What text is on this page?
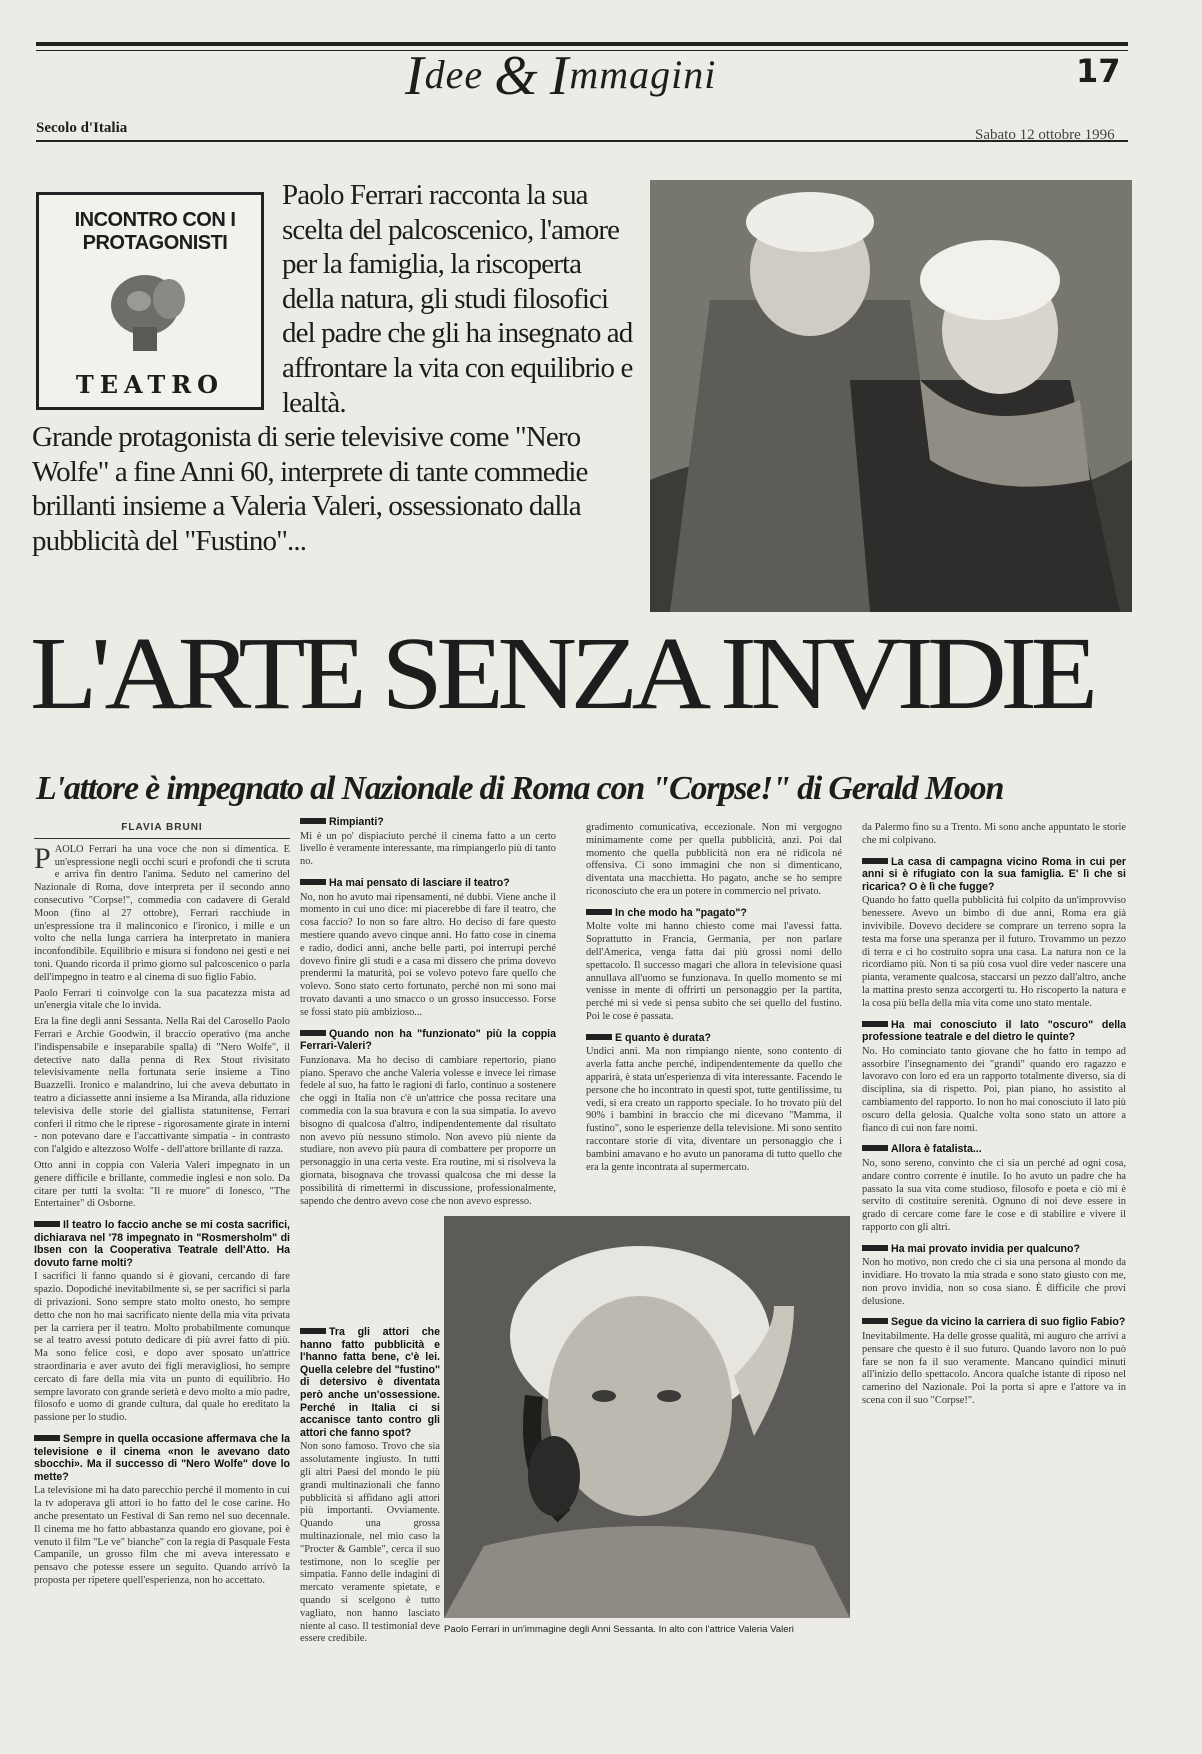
Idee & Immagini	17
Secolo d'Italia	Sabato 12 ottobre 1996
INCONTRO CON I PROTAGONISTI
TEATRO
Paolo Ferrari racconta la sua scelta del palcoscenico, l'amore per la famiglia, la riscoperta della natura, gli studi filosofici del padre che gli ha insegnato ad affrontare la vita con equilibrio e lealtà.
Grande protagonista di serie televisive come "Nero Wolfe" a fine Anni 60, interprete di tante commedie brillanti insieme a Valeria Valeri, ossessionato dalla pubblicità del "Fustino"...
L'ARTE SENZA INVIDIE
L'attore è impegnato al Nazionale di Roma con "Corpse!" di Gerald Moon
FLAVIA BRUNI

PAOLO Ferrari ha una voce che non si dimentica. E un'espressione negli occhi scuri e profondi che ti scruta e arriva fin dentro l'anima. Seduto nel camerino del Nazionale di Roma, dove interpreta per il secondo anno consecutivo "Corpse!", commedia con cadavere di Gerald Moon (fino al 27 ottobre), Ferrari racchiude in un'espressione tra il malinconico e l'ironico, i mille e un volto che nella lunga carriera ha interpretato in maniera inconfondibile. Equilibrio e misura si fondono nei gesti e nei toni. Quando ricorda il primo giorno sul palcoscenico o parla dell'impegno in teatro e al cinema di suo figlio Fabio.

Paolo Ferrari ti coinvolge con la sua pacatezza mista ad un'energia vitale che lo invida.

Era la fine degli anni Sessanta. Nella Rai del Carosello Paolo Ferrari e Archie Goodwin, il braccio operativo (ma anche l'indispensabile e inseparabile spalla) di "Nero Wolfe", il detective nato dalla penna di Rex Stout rivisitato televisivamente nella fortunata serie insieme a Tino Buazzelli. Ironico e malandrino, lui che aveva debuttato in teatro a diciassette anni insieme a Isa Miranda, alla riduzione televisiva delle storie del giallista statunitense, Ferrari conferì il ritmo che le riprese - rigorosamente girate in interni - non potevano dare e l'accattivante simpatia - in contrasto con l'algido e altezzoso Wolfe - dell'attore brillante di razza.

Otto anni in coppia con Valeria Valeri impegnato in un genere difficile e brillante, commedie inglesi e non solo. Da citare per tutti la svolta: "Il re muore" di Ionesco, "The Entertainer" di Osborne.

Il teatro lo faccio anche se mi costa sacrifici, dichiarava nel '78 impegnato in "Rosmersholm" di Ibsen con la Cooperativa Teatrale dell'Atto. Ha dovuto farne molti?

I sacrifici li fanno quando si è giovani, cercando di fare spazio. Dopodiché inevitabilmente sì, se per sacrifici si parla di privazioni. Sono sempre stato molto onesto, ho sempre detto che non ho mai sacrificato niente della mia vita privata per la carriera per il teatro. Molto probabilmente comunque se al teatro avessi potuto dedicare di più avrei fatto di più. Ma sono felice così, e dopo aver sposato un'attrice straordinaria e aver avuto dei figli meravigliosi, ho sempre cercato di fare della mia vita un punto di equilibrio. Ho sempre lavorato con grande serietà e devo molto a mio padre, filosofo e uomo di grande cultura, dal quale ho ereditato la passione per lo studio.

Sempre in quella occasione affermava che la televisione e il cinema «non le avevano dato sbocchi». Ma il successo di "Nero Wolfe" dove lo mette?

La televisione mi ha dato parecchio perché il momento in cui la tv adoperava gli attori io ho fatto del le cose carine. Ho anche presentato un Festival di San remo nel suo decennale. Il cinema me ho fatto abbastanza quando ero giovane, poi è venuto il film "Le ve" bianche" con la regia di Pasquale Festa Campanile, un grosso film che mi aveva interessato e pensavo che potesse essere un seguito. Quando arrivò la proposta per ripetere quell'esperienza, non ho accettato.

Rimpianti?

Mi è un po' dispiaciuto perché il cinema fatto a un certo livello è veramente interessante, ma rimpiangerlo più di tanto no.

Ha mai pensato di lasciare il teatro?

No, non ho avuto mai ripensamenti, né dubbi. Viene anche il momento in cui uno dice: mi piacerebbe di fare il teatro, che cosa faccio? Io non so fare altro. Ho deciso di fare questo mestiere quando avevo cinque anni. Ho fatto cose in cinema e radio, dodici anni, anche belle parti, poi interrupi perché dovevo finire gli studi e a casa mi dissero che prima dovevo prendermi la maturità, poi se volevo potevo fare quello che volevo. Sono stato certo fortunato, perché non mi sono mai trovato davanti a uno smacco o un grosso insuccesso. Forse se fossi stato più ambizioso...

Quando non ha "funzionato" più la coppia Ferrari-Valeri?

Funzionava. Ma ho deciso di cambiare repertorio, piano piano. Speravo che anche Valeria volesse e invece lei rimase fedele al suo, ha fatto le ragioni di farlo, continuo a sostenere che oggi in Italia non c'è un'attrice che possa recitare una commedia con la sua bravura e con la sua simpatia. Io avevo bisogno di qualcosa d'altro, indipendentemente dal risultato non avevo più nessuno stimolo. Non avevo più niente da studiare, non avevo più paura di combattere per proporre un personaggio in una certa veste. Era routine, mi si risolveva la giornata, bisognava che trovassi qualcosa che mi desse la possibilità di rimettermi in discussione, professionalmente, sapendo che dentro avevo cose che non avevo espresso.

Tra gli attori che hanno fatto pubblicità e l'hanno fatta bene, c'è lei. Quella celebre del "fustino" di detersivo è diventata però anche un'ossessione. Perché in Italia ci si accanisce tanto contro gli attori che fanno spot?

Non sono famoso. Trovo che sia assolutamente ingiusto. In tutti gli altri Paesi del mondo le più grandi multinazionali che fanno pubblicità si affidano agli attori più importanti. Ovviamente. Quando una grossa multinazionale, nel mio caso la "Procter & Gamble", cerca il suo testimone, non lo sceglie per simpatia. Fanno delle indagini di mercato veramente spietate, e quando si scelgono è tutto vagliato, non hanno lasciato niente al caso. Il testimonial deve essere credibile.

gradimento comunicativa, eccezionale. Non mi vergogno minimamente come per quella pubblicità, anzi. Poi dal momento che quella pubblicità non era né ridicola né offensiva. Ci sono immagini che non si dimenticano, diventata una macchietta. Ho pagato, anche se ho sempre riconosciuto che era un potere in commercio nel privato.

In che modo ha "pagato"?

Molte volte mi hanno chiesto come mai l'avessi fatta. Soprattutto in Francia, Germania, per non parlare dell'America, venga fatta dai più grossi nomi dello spettacolo. Il successo magari che allora in televisione quasi annullava all'uomo se funzionava. In quello momento se mi venisse in mente di offrirti un personaggio per la partita, perché mi si vede si pensa subito che sei quello del fustino. Poi le cose è passata.

E quanto è durata?

Undici anni. Ma non rimpiango niente, sono contento di averla fatta anche perché, indipendentemente da quello che apparirà, è stata un'esperienza di vita interessante. Facendo le persone che ho incontrato in questi spot, tutte gentilissime, tu vedi, si era creato un rapporto speciale. Io ho trovato più del 90% i bambini in braccio che mi dicevano "Mamma, il fustino", sono le esperienze della televisione. Mi sono sentito raccontare storie di vita, diventare un personaggio che i bambini amavano e ho avuto un panorama di tutto quello che era la gente incontrata al supermercato.

Paolo Ferrari in un'immagine degli Anni Sessanta. In alto con l'attrice Valeria Valeri

da Palermo fino su a Trento. Mi sono anche appuntato le storie che mi colpivano.

La casa di campagna vicino Roma in cui per anni si è rifugiato con la sua famiglia. E' lì che si ricarica? O è lì che fugge?

Quando ho fatto quella pubblicità fui colpito da un'improvviso benessere. Avevo un bimbo di due anni, Roma era già invivibile. Dovevo decidere se comprare un terreno sopra la testa ma forse una speranza per il futuro. Trovammo un pezzo di terra e ci ho costruito sopra una casa. La natura non ce la ricordiamo più. Non ti sa più cosa vuol dire veder nascere una pianta, veramente qualcosa, staccarsi un pezzo dall'altro, anche la mattina presto senza accorgerti tu. Ho riscoperto la natura e la cosa più bella della mia vita come uno stato mentale.

Ha mai conosciuto il lato "oscuro" della professione teatrale e del dietro le quinte?

No. Ho cominciato tanto giovane che ho fatto in tempo ad assorbire l'insegnamento dei "grandi" quando ero ragazzo e lavoravo con loro ed era un rapporto totalmente diverso, sia di disciplina, sia di rispetto. Poi, pian piano, ho assistito al cambiamento del rapporto. Io non ho mai conosciuto il lato più oscuro della gelosia. Qualche volta sono stato un attore a fianco di cui non fare nomi.

Allora è fatalista...

No, sono sereno, convinto che ci sia un perché ad ogni cosa, andare contro corrente è inutile. Io ho avuto un padre che ha passato la sua vita come studioso, filosofo e poeta e ciò mi è servito di costituire serenità. Ognuno di noi deve essere in grado di cercare come fare le cose e di stabilire e vivere il rapporto con gli altri.

Ha mai provato invidia per qualcuno?

Non ho motivo, non credo che ci sia una persona al mondo da invidiare. Ho trovato la mia strada e sono stato giusto con me, non provo invidia, non so cosa siano. È difficile che provi delusione.

Segue da vicino la carriera di suo figlio Fabio?

Inevitabilmente. Ha delle grosse qualità, mi auguro che arrivi a pensare che questo è il suo futuro. Quando lavoro non lo può fare se non fa il suo veramente. Mancano quindici minuti all'inizio dello spettacolo. Ancora qualche istante di riposo nel camerino del Nazionale. Poi la porta si apre e l'attore va in scena con il suo "Corpse!".
